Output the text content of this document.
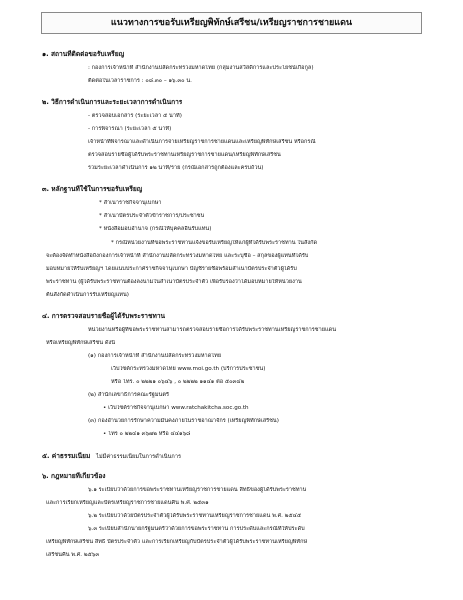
แนวทางการขอรับเหรียญพิทักษ์เสรีชน/เหรียญราชการชายแดน
๑. สถานที่ติดต่อขอรับเหรียญ
: กองการเจ้าหน้าที่ สำนักงานปลัดกระทรวงมหาดไทย (กลุ่มงานสวัสดิการและประโยชน์เกื้อกูล)
ติดต่อในเวลาราชการ : ๐๘.๓๐ – ๑๖.๓๐ น.
๒. วิธีการดำเนินการและระยะเวลาการดำเนินการ
- ตรวจสอบเอกสาร (ระยะเวลา ๕ นาที)
- การพิจารณา (ระยะเวลา ๕ นาที)
เจ้าหน้าที่พิจารณาและดำเนินการจ่ายเหรียญราชการชายแดนและเหรียญพิทักษ์เสรีชน หรือกรณี
ตรวจสอบรายชื่อผู้ได้รับพระราชทานเหรียญราชการชายแดน/เหรียญพิทักษ์เสรีชน
รวมระยะเวลาดำเนินการ ๑๒ นาที/ราย (กรณีเอกสารถูกต้องและครบถ้วน)
๓. หลักฐานที่ใช้ในการขอรับเหรียญ
* สำเนาราชกิจจานุเบกษา
* สำเนาบัตรประจำตัวข้าราชการ/ประชาชน
* หนังสือมอบอำนาจ (กรณีให้บุคคลอื่นรับแทน)
* กรณีหน่วยงานที่ขอพระราชทานแจ้งขอรับเหรียญให้แก่ผู้ที่ได้รับพระราชทาน ในสังกัด
จะต้องจัดทำหนังสือถึงกองการเจ้าหน้าที่ สำนักงานปลัดกระทรวงมหาดไทย และระบุชื่อ – สกุลของผู้แทนที่ได้รับ
มอบหมายให้รับเหรียญฯ โดยแนบประกาศราชกิจจานุเบกษา บัญชีรายชื่อพร้อมสำเนาบัตรประจำตัวผู้ได้รับ
พระราชทาน (ผู้ได้รับพระราชทานต้องลงนามในสำเนาบัตรประจำตัว เพื่อรับรองว่าได้มอบหมายให้หน่วยงาน
ต้นสังกัดดำเนินการรับเหรียญแทน)
๔. การตรวจสอบรายชื่อผู้ได้รับพระราชทาน
หน่วยงานหรือผู้ที่ขอพระราชทานสามารถตรวจสอบรายชื่อการได้รับพระราชทานเหรียญราชการชายแดน
หรือเหรียญพิทักษ์เสรีชน ดังนี้
(๑) กองการเจ้าหน้าที่ สำนักงานปลัดกระทรวงมหาดไทย
เว็บไซต์กระทรวงมหาดไทย www.moi.go.th (บริการประชาชน)
หรือ โทร. ๐ ๒๒๒๑ ๐๖๔๖ , ๐ ๒๒๒๒ ๑๑๔๑ ต่อ ๕๐๓๔๒
(๒) สำนักเลขาธิการคณะรัฐมนตรี
• เว็บไซต์ราชกิจจานุเบกษา www.ratchakitcha.soc.go.th
(๓) กองอำนวยการรักษาความมั่นคงภายในราชอาณาจักร (เหรียญพิทักษ์เสรีชน)
• โทร ๐ ๒๒๔๑ ๓๖๗๒ หรือ ๔๔๑๖๘
๕. ค่าธรรมเนียม ไม่มีค่าธรรมเนียมในการดำเนินการ
๖. กฎหมายที่เกี่ยวข้อง
๖.๑ ระเบียบว่าด้วยการขอพระราชทานเหรียญราชการชายแดน สิทธิของผู้ได้รับพระราชทาน
และการเรียกเหรียญและบัตรเหรียญราชการชายแดนคืน พ.ศ. ๒๕๓๑
๖.๒ ระเบียบว่าด้วยบัตรประจำตัวผู้ได้รับพระราชทานเหรียญราชการชายแดน พ.ศ. ๒๕๔๕
๖.๓ ระเบียบสำนักนายกรัฐมนตรีว่าด้วยการขอพระราชทาน การประดับและกรณีที่ให้ประดับ
เหรียญพิทักษ์เสรีชน สิทธิ บัตรประจำตัว และการเรียกเหรียญกับบัตรประจำตัวผู้ได้รับพระราชทานเหรียญพิทักษ์
เสรีชนคืน พ.ศ. ๒๕๖๓
